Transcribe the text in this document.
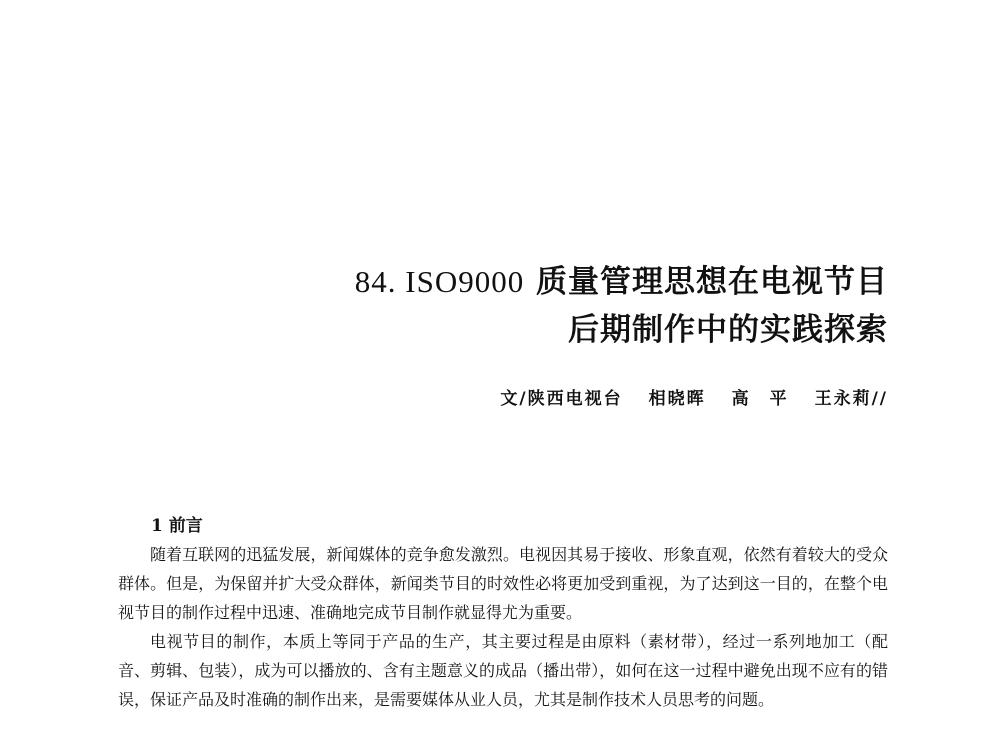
84. ISO9000 质量管理思想在电视节目
后期制作中的实践探索
文/陕西电视台 相晓晖 高　平 王永莉//
1 前言

随着互联网的迅猛发展，新闻媒体的竞争愈发激烈。电视因其易于接收、形象直观，依然有着较大的受众群体。但是，为保留并扩大受众群体，新闻类节目的时效性必将更加受到重视，为了达到这一目的，在整个电视节目的制作过程中迅速、准确地完成节目制作就显得尤为重要。

电视节目的制作，本质上等同于产品的生产，其主要过程是由原料（素材带），经过一系列地加工（配音、剪辑、包装），成为可以播放的、含有主题意义的成品（播出带），如何在这一过程中避免出现不应有的错误，保证产品及时准确的制作出来，是需要媒体从业人员，尤其是制作技术人员思考的问题。
